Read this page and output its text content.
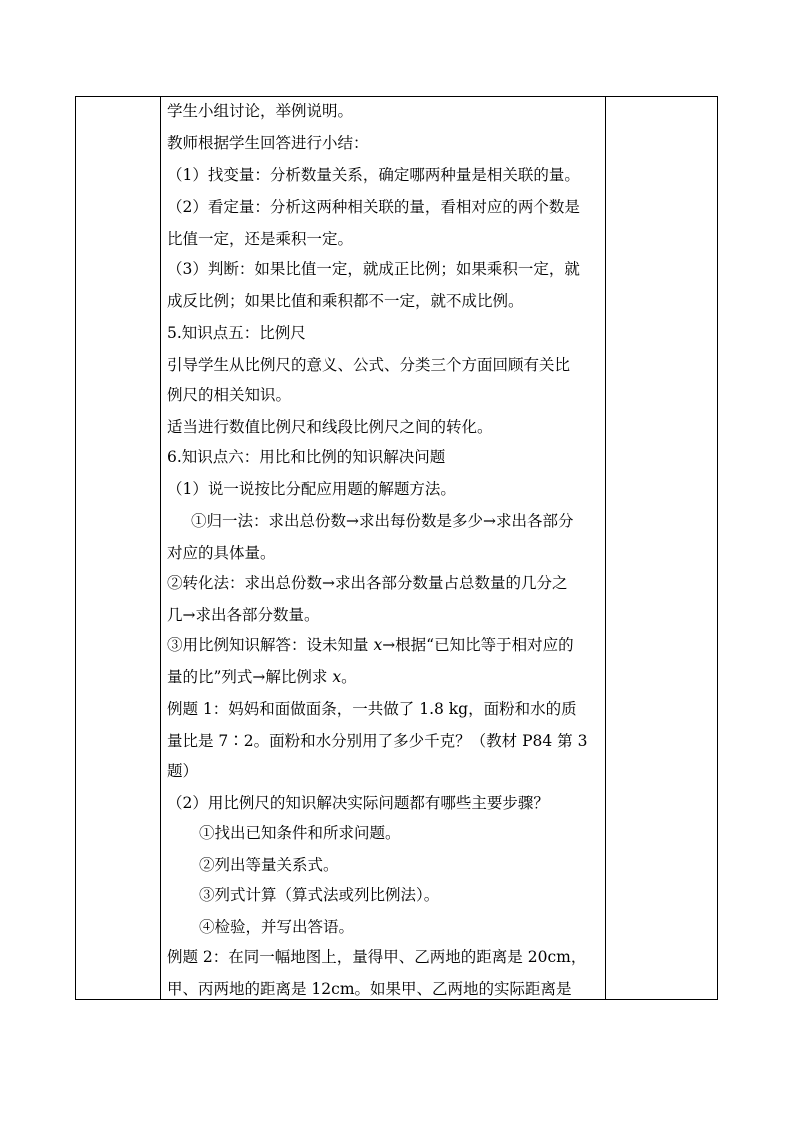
学生小组讨论，举例说明。
教师根据学生回答进行小结：
（1）找变量：分析数量关系，确定哪两种量是相关联的量。
（2）看定量：分析这两种相关联的量，看相对应的两个数是
比值一定，还是乘积一定。
（3）判断：如果比值一定，就成正比例；如果乘积一定，就
成反比例；如果比值和乘积都不一定，就不成比例。
5.知识点五：比例尺
引导学生从比例尺的意义、公式、分类三个方面回顾有关比
例尺的相关知识。
适当进行数值比例尺和线段比例尺之间的转化。
6.知识点六：用比和比例的知识解决问题
（1）说一说按比分配应用题的解题方法。
①归一法：求出总份数→求出每份数是多少→求出各部分
对应的具体量。
②转化法：求出总份数→求出各部分数量占总数量的几分之
几→求出各部分数量。
③用比例知识解答：设未知量 x→根据“已知比等于相对应的
量的比”列式→解比例求 x。
例题 1：妈妈和面做面条，一共做了 1.8 kg，面粉和水的质
量比是 7∶2。面粉和水分别用了多少千克？（教材 P84 第 3
题）
（2）用比例尺的知识解决实际问题都有哪些主要步骤？
①找出已知条件和所求问题。
②列出等量关系式。
③列式计算（算式法或列比例法）。
④检验，并写出答语。
例题 2：在同一幅地图上，量得甲、乙两地的距离是 20cm，
甲、丙两地的距离是 12cm。如果甲、乙两地的实际距离是
